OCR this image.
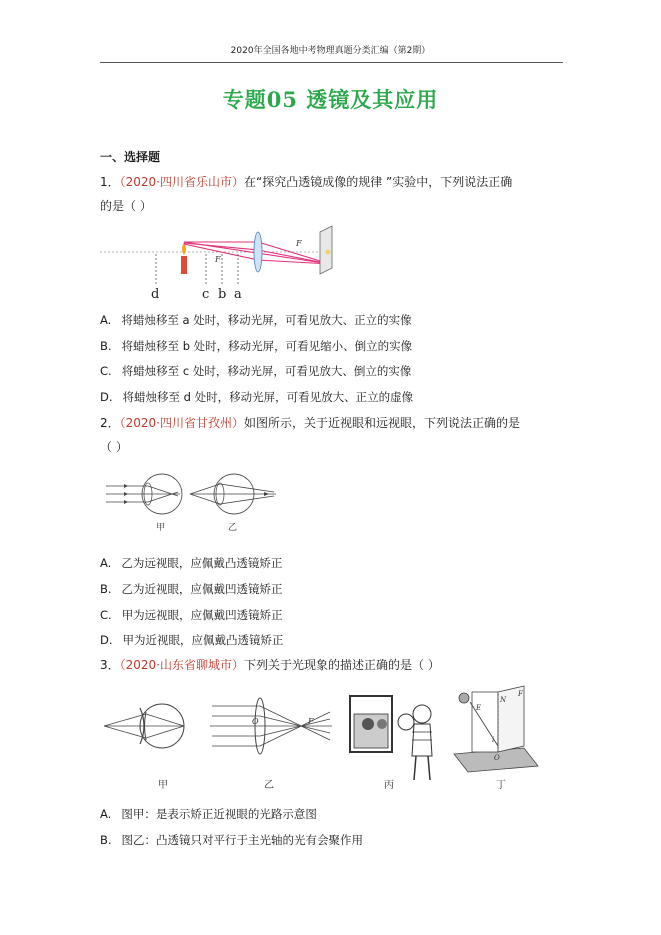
2020年全国各地中考物理真题分类汇编（第2期）
专题05 透镜及其应用
一、选择题
1．（2020·四川省乐山市）在“探究凸透镜成像的规律 ”实验中，下列说法正确
的是（ ）
F
F
d	c b a
A. 将蜡烛移至 a 处时，移动光屏，可看见放大、正立的实像
B. 将蜡烛移至 b 处时，移动光屏，可看见缩小、倒立的实像
C. 将蜡烛移至 c 处时，移动光屏，可看见放大、倒立的实像
D. 将蜡烛移至 d 处时，移动光屏，可看见放大、正立的虚像
2．（2020·四川省甘孜州）如图所示，关于近视眼和远视眼，下列说法正确的是
（ ）
甲	乙
A. 乙为远视眼，应佩戴凸透镜矫正
B. 乙为近视眼，应佩戴凹透镜矫正
C. 甲为远视眼，应佩戴凹透镜矫正
D. 甲为近视眼，应佩戴凸透镜矫正
3．（2020·山东省聊城市）下列关于光现象的描述正确的是（ ）
甲
O	F
乙	丙
E
N
F
O
i
丁
A. 图甲：是表示矫正近视眼的光路示意图
B. 图乙：凸透镜只对平行于主光轴的光有会聚作用
